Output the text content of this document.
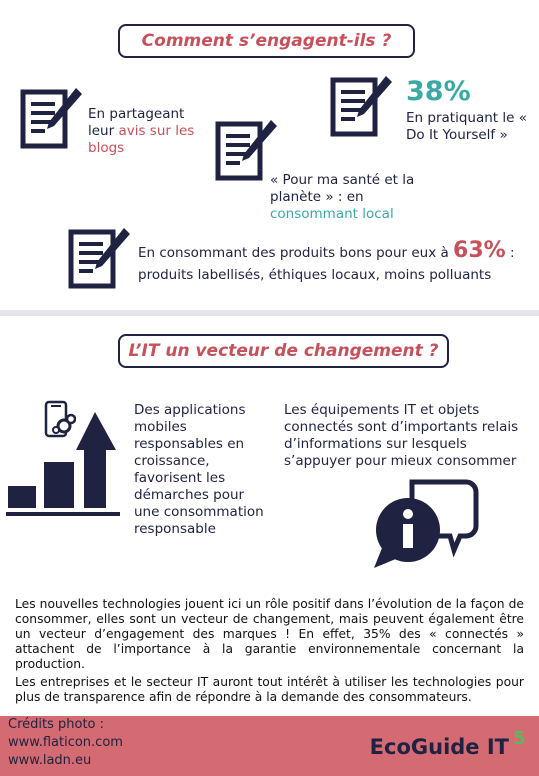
Comment s’engagent-ils ?
En partageant leur avis sur les blogs
38%
En pratiquant le « Do It Yourself »
« Pour ma santé et la planète » : en consommant local
En consommant des produits bons pour eux à 63% : produits labellisés, éthiques locaux, moins polluants
L’IT un vecteur de changement ?
Des applications mobiles responsables en croissance, favorisent les démarches pour une consommation responsable
Les équipements IT et objets connectés sont d’importants relais d’informations sur lesquels s’appuyer pour mieux consommer
Les nouvelles technologies jouent ici un rôle positif dans l’évolution de la façon de consommer, elles sont un vecteur de changement, mais peuvent également être un vecteur d’engagement des marques ! En effet, 35% des « connectés » attachent de l’importance à la garantie environnementale concernant la production.
Les entreprises et le secteur IT auront tout intérêt à utiliser les technologies pour plus de transparence afin de répondre à la demande des consommateurs.
Crédits photo :
www.flaticon.com
www.ladn.eu
EcoGuide IT 5
